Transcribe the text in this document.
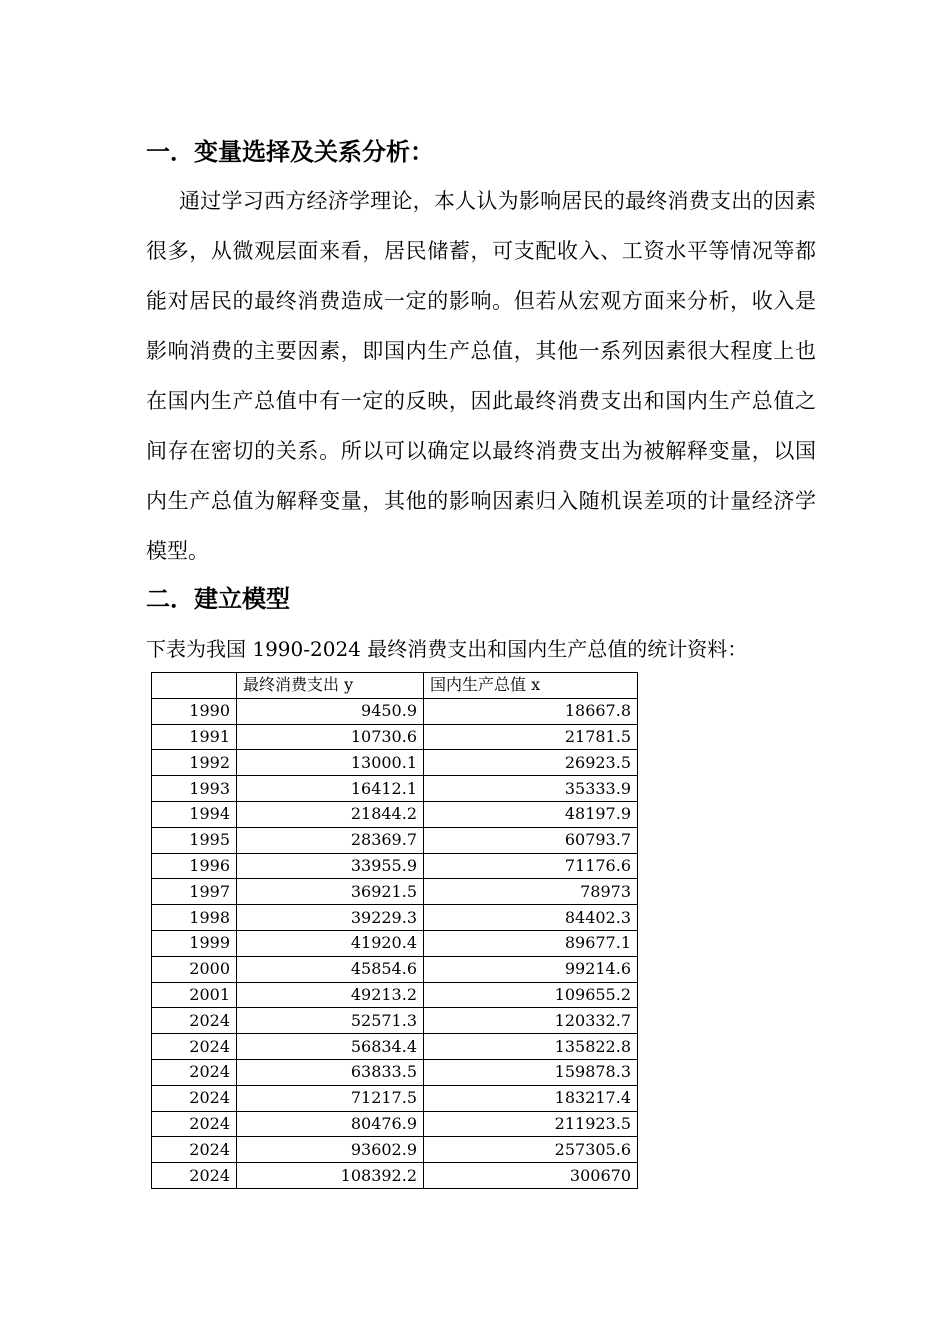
一．变量选择及关系分析：

通过学习西方经济学理论，本人认为影响居民的最终消费支出的因素很多，从微观层面来看，居民储蓄，可支配收入、工资水平等情况等都能对居民的最终消费造成一定的影响。但若从宏观方面来分析，收入是影响消费的主要因素，即国内生产总值，其他一系列因素很大程度上也在国内生产总值中有一定的反映，因此最终消费支出和国内生产总值之间存在密切的关系。所以可以确定以最终消费支出为被解释变量，以国内生产总值为解释变量，其他的影响因素归入随机误差项的计量经济学模型。

二．建立模型

下表为我国 1990-2024 最终消费支出和国内生产总值的统计资料：

	最终消费支出 y	国内生产总值 x
1990	9450.9	18667.8
1991	10730.6	21781.5
1992	13000.1	26923.5
1993	16412.1	35333.9
1994	21844.2	48197.9
1995	28369.7	60793.7
1996	33955.9	71176.6
1997	36921.5	78973
1998	39229.3	84402.3
1999	41920.4	89677.1
2000	45854.6	99214.6
2001	49213.2	109655.2
2024	52571.3	120332.7
2024	56834.4	135822.8
2024	63833.5	159878.3
2024	71217.5	183217.4
2024	80476.9	211923.5
2024	93602.9	257305.6
2024	108392.2	300670
